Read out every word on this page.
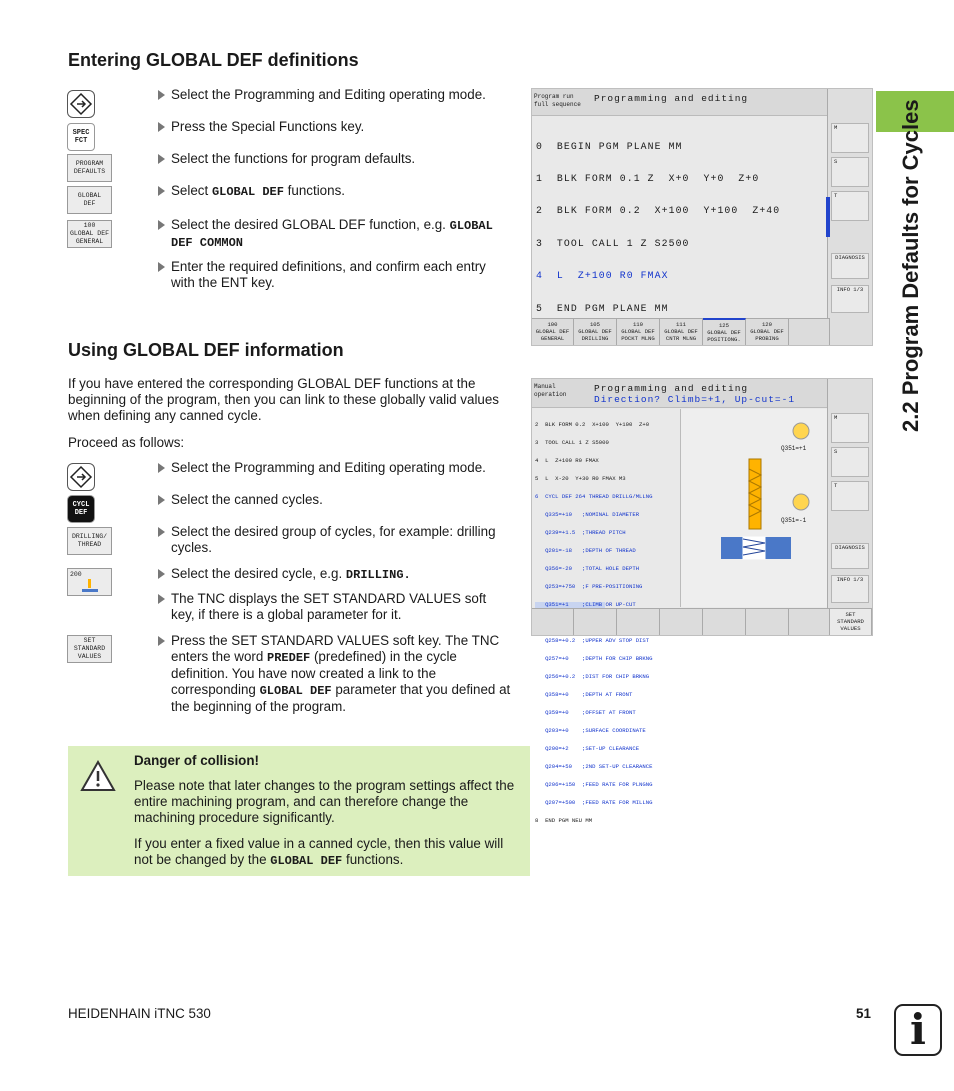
Entering GLOBAL DEF definitions
SPEC
FCT
PROGRAM
DEFAULTS
GLOBAL
DEF
100
GLOBAL DEF
GENERAL
Select the Programming and Editing operating mode.
Press the Special Functions key.
Select the functions for program defaults.
Select GLOBAL DEF functions.
Select the desired GLOBAL DEF function, e.g. GLOBAL DEF COMMON
Enter the required definitions, and confirm each entry with the ENT key.
Program run
full sequence
Programming and editing

0  BEGIN PGM PLANE MM

1  BLK FORM 0.1 Z  X+0  Y+0  Z+0

2  BLK FORM 0.2  X+100  Y+100  Z+40

3  TOOL CALL 1 Z S2500

4  L  Z+100 R0 FMAX

5  END PGM PLANE MM

M
S
T
DIAGNOSIS
INFO 1/3
100
GLOBAL DEF
GENERAL
105
GLOBAL DEF
DRILLING
110
GLOBAL DEF
POCKT MLNG
111
GLOBAL DEF
CNTR MLNG
125
GLOBAL DEF
POSITIONG.
120
GLOBAL DEF
PROBING
Using GLOBAL DEF information
If you have entered the corresponding GLOBAL DEF functions at the beginning of the program, then you can link to these globally valid values when defining any canned cycle.
Proceed as follows:
CYCL
DEF
DRILLING/
THREAD
200
SET
STANDARD
VALUES
Select the Programming and Editing operating mode.
Select the canned cycles.
Select the desired group of cycles, for example: drilling cycles.
Select the desired cycle, e.g. DRILLING.
The TNC displays the SET STANDARD VALUES soft key, if there is a global parameter for it.
Press the SET STANDARD VALUES soft key. The TNC enters the word PREDEF (predefined) in the cycle definition. You have now created a link to the corresponding GLOBAL DEF parameter that you defined at the beginning of the program.
Manual
operation
Programming and editing
Direction? Climb=+1, Up-cut=-1

2  BLK FORM 0.2  X+100  Y+100  Z+0

3  TOOL CALL 1 Z S5000

4  L  Z+100 R0 FMAX

5  L  X-20  Y+30 R0 FMAX M3

6  CYCL DEF 264 THREAD DRILLG/MLLNG

Q335=+10   ;NOMINAL DIAMETER

Q239=+1.5  ;THREAD PITCH

Q201=-18   ;DEPTH OF THREAD

Q356=-20   ;TOTAL HOLE DEPTH

Q253=+750  ;F PRE-POSITIONING

Q351=+1    ;CLIMB OR UP-CUT

Q258=+0.2  ;UPPER ADV STOP DIST

Q257=+0    ;DEPTH FOR CHIP BRKNG

Q256=+0.2  ;DIST FOR CHIP BRKNG

Q358=+0    ;DEPTH AT FRONT

Q359=+0    ;OFFSET AT FRONT

Q203=+0    ;SURFACE COORDINATE

Q200=+2    ;SET-UP CLEARANCE

Q204=+50   ;2ND SET-UP CLEARANCE

Q206=+150  ;FEED RATE FOR PLNGNG

Q207=+500  ;FEED RATE FOR MILLNG

8  END PGM NEU MM

Q351=+1
Q351=-1
M
S
T
DIAGNOSIS
INFO 1/3
SET
STANDARD
VALUES
Danger of collision!
Please note that later changes to the program settings affect the entire machining program, and can therefore change the machining procedure significantly.
If you enter a fixed value in a canned cycle, then this value will not be changed by the GLOBAL DEF functions.
2.2 Program Defaults for Cycles
HEIDENHAIN iTNC 530	51 i
